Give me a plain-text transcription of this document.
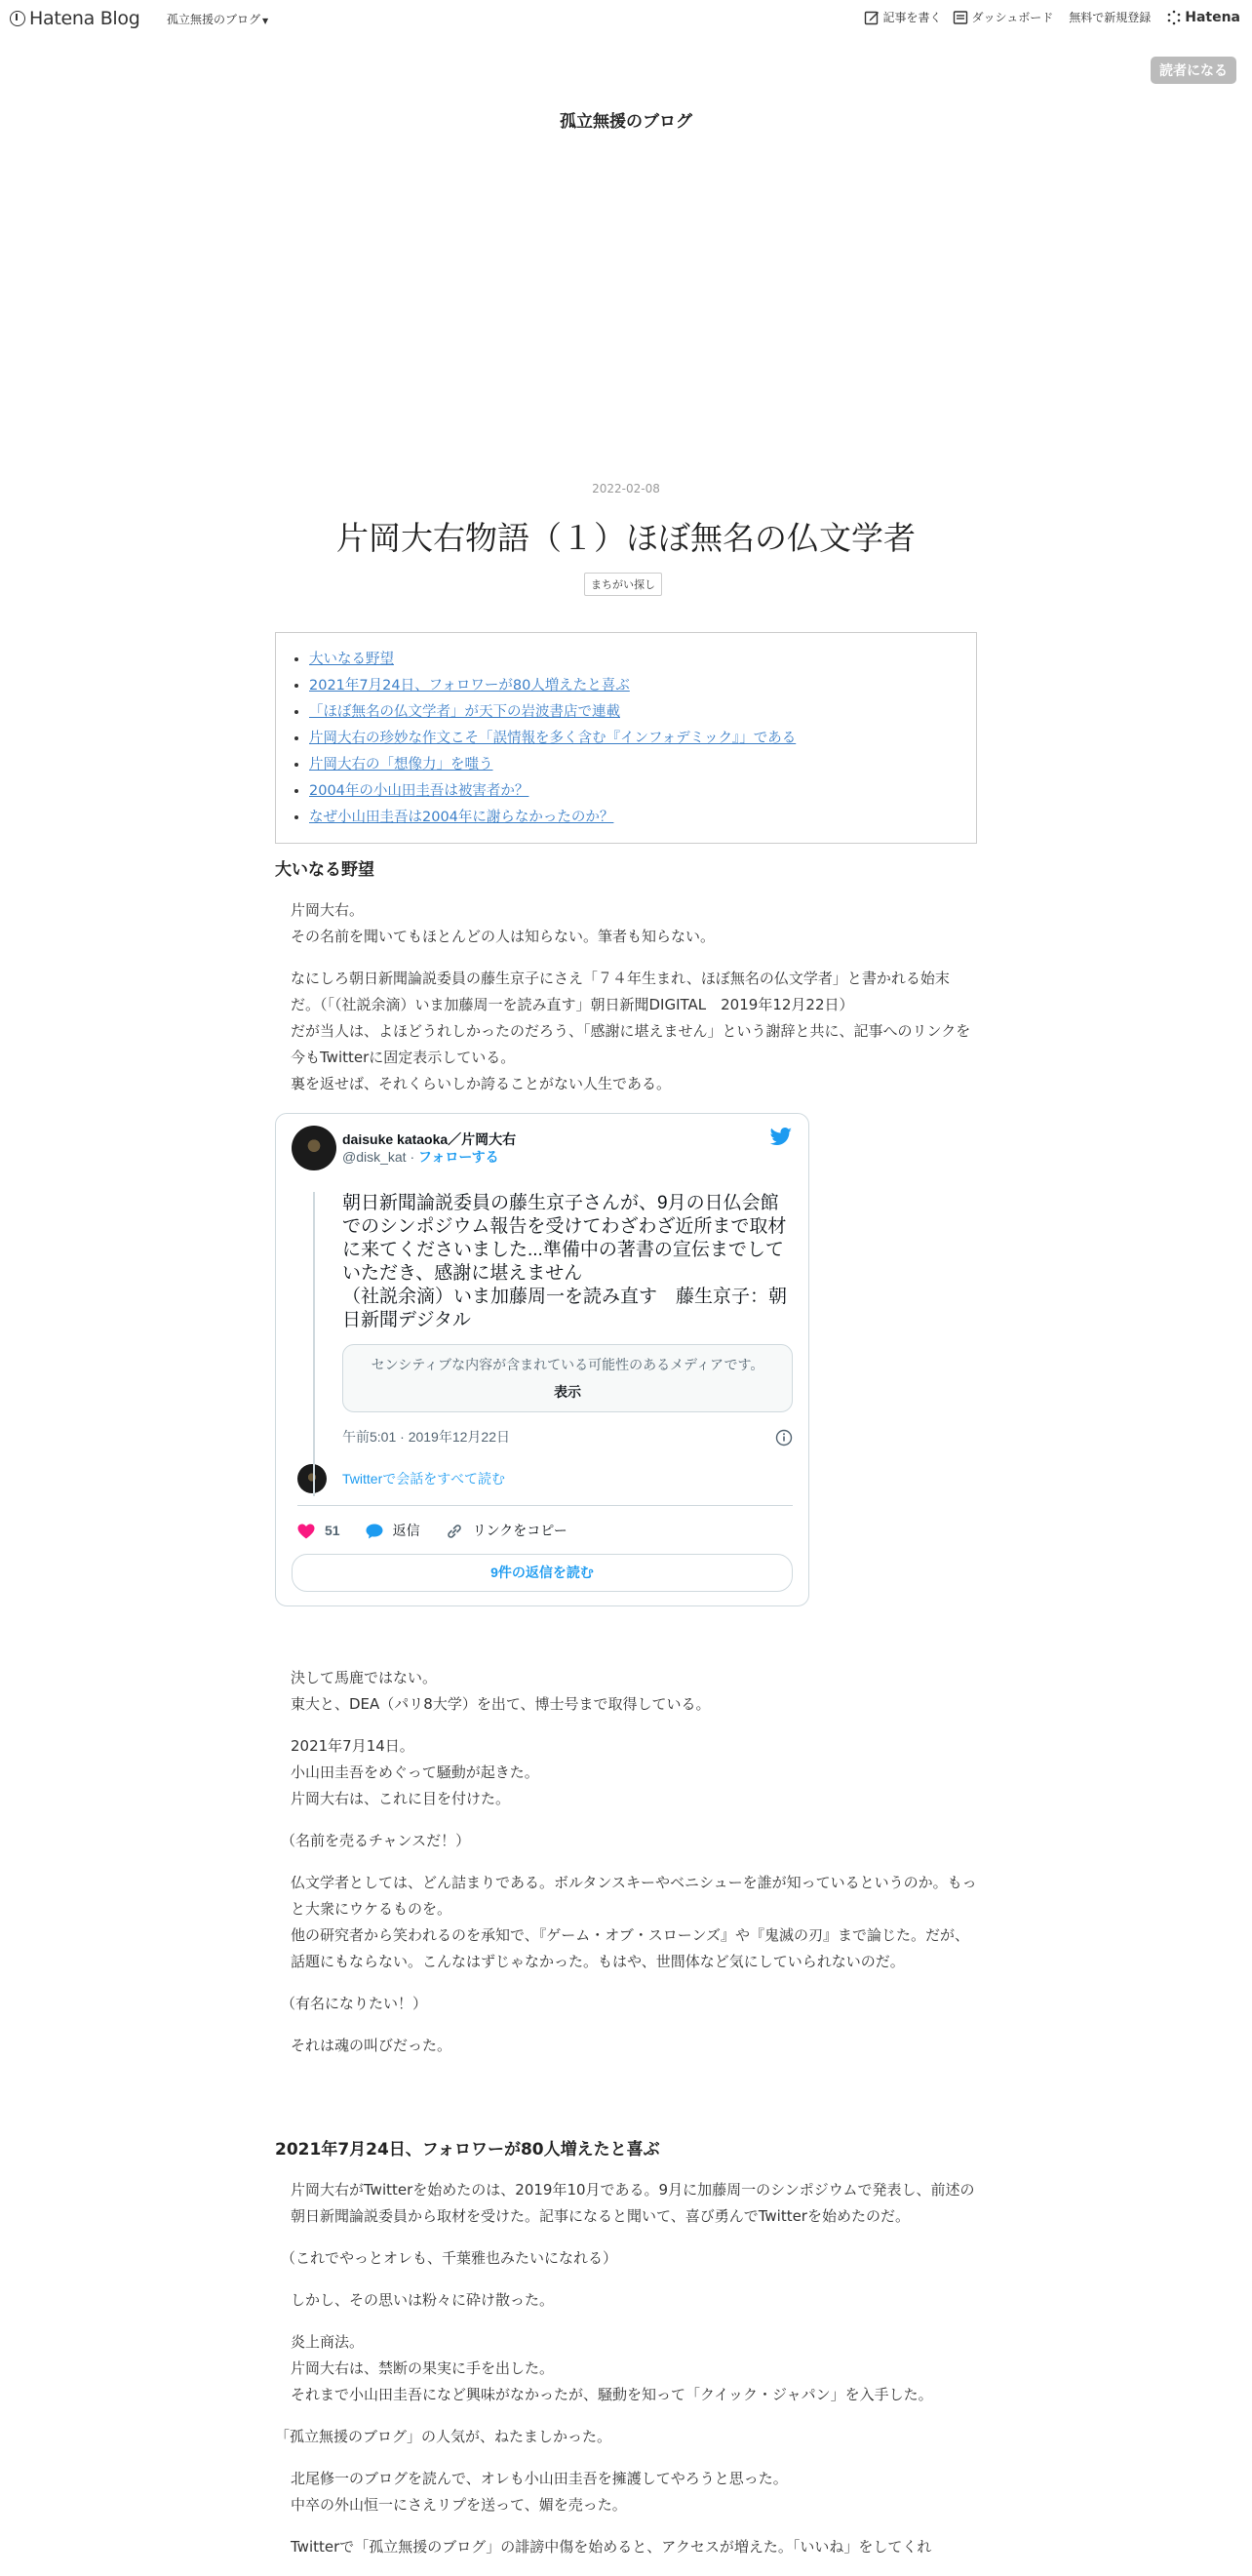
Hatena Blog 孤立無援のブログ ▼	記事を書く	ダッシュボード 無料で新規登録	Hatena
読者になる
孤立無援のブログ
2022-02-08
片岡大右物語（１）ほぼ無名の仏文学者
まちがい探し
• 大いなる野望
• 2021年7月24日、フォロワーが80人増えたと喜ぶ
• 「ほぼ無名の仏文学者」が天下の岩波書店で連載
• 片岡大右の珍妙な作文こそ「誤情報を多く含む『インフォデミック』」である
• 片岡大右の「想像力」を嗤う
• 2004年の小山田圭吾は被害者か？
• なぜ小山田圭吾は2004年に謝らなかったのか？
大いなる野望

片岡大右。
その名前を聞いてもほとんどの人は知らない。筆者も知らない。

なにしろ朝日新聞論説委員の藤生京子にさえ「７４年生まれ、ほぼ無名の仏文学者」と書かれる始末だ。（「（社説余滴）いま加藤周一を読み直す」朝日新聞DIGITAL　2019年12月22日）

だが当人は、よほどうれしかったのだろう、「感謝に堪えません」という謝辞と共に、記事へのリンクを今もTwitterに固定表示している。

裏を返せば、それくらいしか誇ることがない人生である。

daisuke kataoka／片岡大右
@disk_kat · フォローする
朝日新聞論説委員の藤生京子さんが、9月の日仏会館でのシンポジウム報告を受けてわざわざ近所まで取材に来てくださいました...準備中の著書の宣伝までしていただき、感謝に堪えません
（社説余滴）いま加藤周一を読み直す　藤生京子：朝日新聞デジタル
センシティブな内容が含まれている可能性のあるメディアです。
表示
午前5:01 · 2019年12月22日
Twitterで会話をすべて読む
51	返信	リンクをコピー
9件の返信を読む

決して馬鹿ではない。
東大と、DEA（パリ8大学）を出て、博士号まで取得している。

2021年7月14日。
小山田圭吾をめぐって騒動が起きた。
片岡大右は、これに目を付けた。

（名前を売るチャンスだ！）

仏文学者としては、どん詰まりである。ボルタンスキーやベニシューを誰が知っているというのか。もっと大衆にウケるものを。

他の研究者から笑われるのを承知で、『ゲーム・オブ・スローンズ』や『鬼滅の刃』まで論じた。だが、話題にもならない。こんなはずじゃなかった。もはや、世間体など気にしていられないのだ。

（有名になりたい！）

それは魂の叫びだった。

2021年7月24日、フォロワーが80人増えたと喜ぶ

片岡大右がTwitterを始めたのは、2019年10月である。9月に加藤周一のシンポジウムで発表し、前述の朝日新聞論説委員から取材を受けた。記事になると聞いて、喜び勇んでTwitterを始めたのだ。

（これでやっとオレも、千葉雅也みたいになれる）

しかし、その思いは粉々に砕け散った。

炎上商法。
片岡大右は、禁断の果実に手を出した。
それまで小山田圭吾になど興味がなかったが、騒動を知って「クイック・ジャパン」を入手した。

「孤立無援のブログ」の人気が、ねたましかった。

北尾修一のブログを読んで、オレも小山田圭吾を擁護してやろうと思った。
中卒の外山恒一にさえリプを送って、媚を売った。

Twitterで「孤立無援のブログ」の誹謗中傷を始めると、アクセスが増えた。「いいね」をしてくれ
